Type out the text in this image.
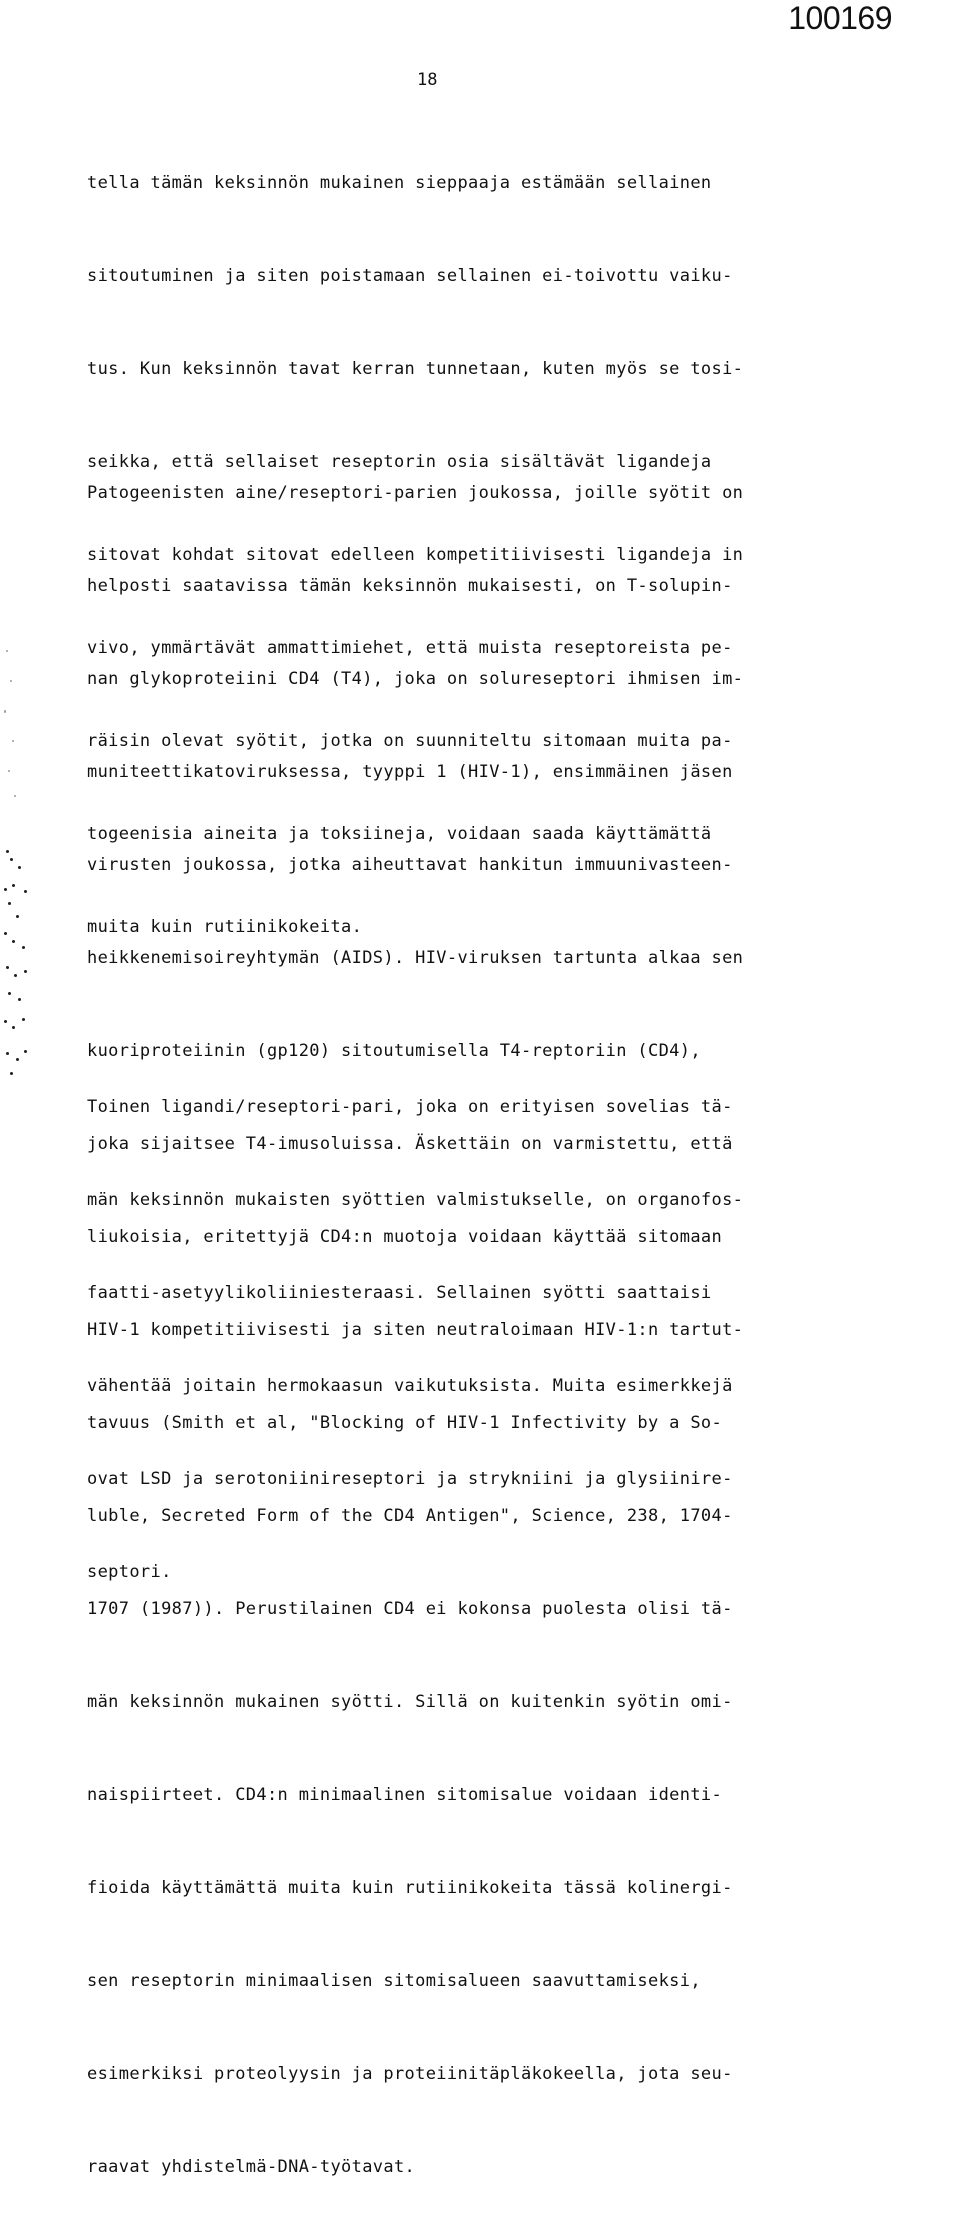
100169
18

tella tämän keksinnön mukainen sieppaaja estämään sellainen

sitoutuminen ja siten poistamaan sellainen ei-toivottu vaiku-

tus. Kun keksinnön tavat kerran tunnetaan, kuten myös se tosi-

seikka, että sellaiset reseptorin osia sisältävät ligandeja

sitovat kohdat sitovat edelleen kompetitiivisesti ligandeja in

vivo, ymmärtävät ammattimiehet, että muista reseptoreista pe-

räisin olevat syötit, jotka on suunniteltu sitomaan muita pa-

togeenisia aineita ja toksiineja, voidaan saada käyttämättä

muita kuin rutiinikokeita.

Patogeenisten aine/reseptori-parien joukossa, joille syötit on

helposti saatavissa tämän keksinnön mukaisesti, on T-solupin-

nan glykoproteiini CD4 (T4), joka on solureseptori ihmisen im-

muniteettikatoviruksessa, tyyppi 1 (HIV-1), ensimmäinen jäsen

virusten joukossa, jotka aiheuttavat hankitun immuunivasteen-

heikkenemisoireyhtymän (AIDS). HIV-viruksen tartunta alkaa sen

kuoriproteiinin (gp120) sitoutumisella T4-reptoriin (CD4),

joka sijaitsee T4-imusoluissa. Äskettäin on varmistettu, että

liukoisia, eritettyjä CD4:n muotoja voidaan käyttää sitomaan

HIV-1 kompetitiivisesti ja siten neutraloimaan HIV-1:n tartut-

tavuus (Smith et al, "Blocking of HIV-1 Infectivity by a So-

luble, Secreted Form of the CD4 Antigen", Science, 238, 1704-

1707 (1987)). Perustilainen CD4 ei kokonsa puolesta olisi tä-

män keksinnön mukainen syötti. Sillä on kuitenkin syötin omi-

naispiirteet. CD4:n minimaalinen sitomisalue voidaan identi-

fioida käyttämättä muita kuin rutiinikokeita tässä kolinergi-

sen reseptorin minimaalisen sitomisalueen saavuttamiseksi,

esimerkiksi proteolyysin ja proteiinitäpläkokeella, jota seu-

raavat yhdistelmä-DNA-työtavat.

Toinen ligandi/reseptori-pari, joka on erityisen sovelias tä-

män keksinnön mukaisten syöttien valmistukselle, on organofos-

faatti-asetyylikoliiniesteraasi. Sellainen syötti saattaisi

vähentää joitain hermokaasun vaikutuksista. Muita esimerkkejä

ovat LSD ja serotoniinireseptori ja strykniini ja glysiinire-

septori.
